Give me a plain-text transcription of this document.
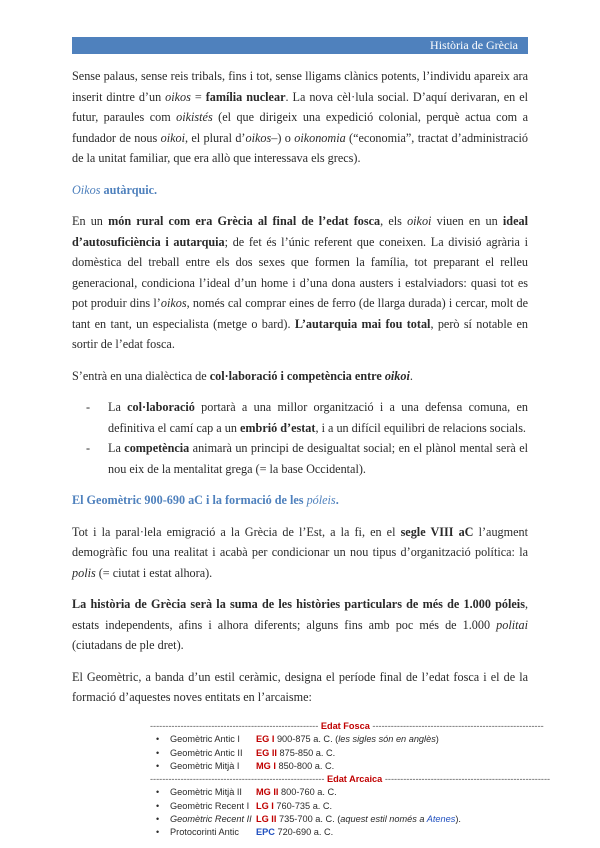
Història de Grècia

Sense palaus, sense reis tribals, fins i tot, sense lligams clànics potents, l’individu apareix ara inserit dintre d’un oikos = família nuclear. La nova cèl·lula social. D’aquí derivaran, en el futur, paraules com oikistés (el que dirigeix una expedició colonial, perquè actua com a fundador de nous oikoi, el plural d’oikos–) o oikonomia (“economia”, tractat d’administració de la unitat familiar, que era allò que interessava els grecs).

Oikos autàrquic.

En un món rural com era Grècia al final de l’edat fosca, els oikoi viuen en un ideal d’autosuficiència i autarquia; de fet és l’únic referent que coneixen. La divisió agrària i domèstica del treball entre els dos sexes que formen la família, tot preparant el relleu generacional, condiciona l’ideal d’un home i d’una dona austers i estalviadors: quasi tot es pot produir dins l’oikos, només cal comprar eines de ferro (de llarga durada) i cercar, molt de tant en tant, un especialista (metge o bard). L’autarquia mai fou total, però sí notable en sortir de l’edat fosca.

S’entrà en una dialèctica de col·laboració i competència entre oikoi.

- La col·laboració portarà a una millor organització i a una defensa comuna, en definitiva el camí cap a un embrió d’estat, i a un difícil equilibri de relacions socials.
- La competència animarà un principi de desigualtat social; en el plànol mental serà el nou eix de la mentalitat grega (= la base Occidental).
El Geomètric 900-690 aC i la formació de les póleis.

Tot i la paral·lela emigració a la Grècia de l’Est, a la fi, en el segle VIII aC l’augment demogràfic fou una realitat i acabà per condicionar un nou tipus d’organització política: la polis (= ciutat i estat alhora).

La història de Grècia serà la suma de les històries particulars de més de 1.000 póleis, estats independents, afins i alhora diferents; alguns fins amb poc més de 1.000 politai (ciutadans de ple dret).

El Geomètric, a banda d’un estil ceràmic, designa el període final de l’edat fosca i el de la formació d’aquestes noves entitats en l’arcaisme:

------------------------------------------------------- Edat Fosca --------------------------------------------------------
• Geomètric Antic I EG I 900-875 a. C. (les sigles són en anglès)
• Geomètric Antic II EG II 875-850 a. C.
• Geomètric Mitjà I MG I 850-800 a. C.
--------------------------------------------------------- Edat Arcaica ------------------------------------------------------
• Geomètric Mitjà II MG II 800-760 a. C.
• Geomètric Recent I LG I 760-735 a. C.
• Geomètric Recent II LG II 735-700 a. C. (aquest estil només a Atenes).
• Protocorinti Antic EPC 720-690 a. C.
